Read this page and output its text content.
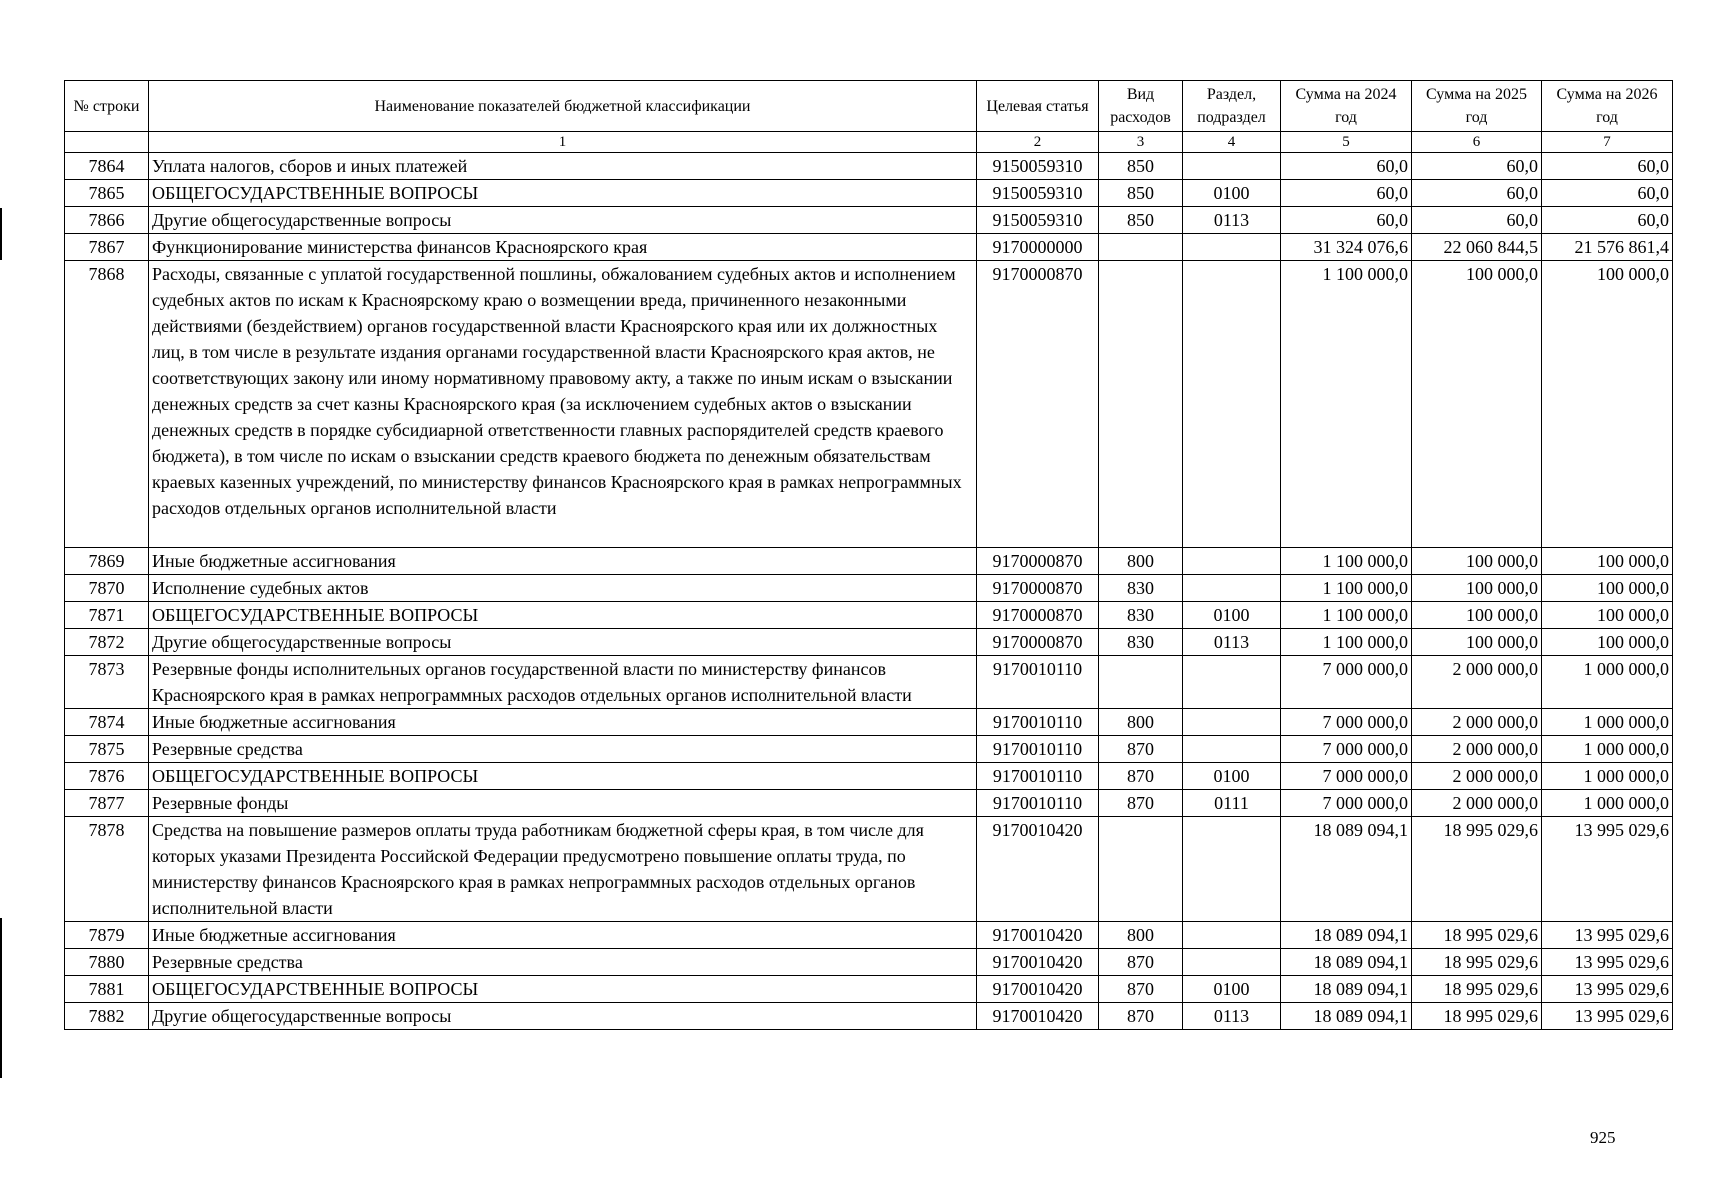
№ строки	Наименование показателей бюджетной классификации	Целевая статья	Вид расходов	Раздел, подраздел	Сумма на 2024 год	Сумма на 2025 год	Сумма на 2026 год
	1	2	3	4	5	6	7
7864	Уплата налогов, сборов и иных платежей	9150059310	850		60,0	60,0	60,0
7865	ОБЩЕГОСУДАРСТВЕННЫЕ ВОПРОСЫ	9150059310	850	0100	60,0	60,0	60,0
7866	Другие общегосударственные вопросы	9150059310	850	0113	60,0	60,0	60,0
7867	Функционирование министерства финансов Красноярского края	9170000000			31 324 076,6	22 060 844,5	21 576 861,4
7868	Расходы, связанные с уплатой государственной пошлины, обжалованием судебных актов и исполнением судебных актов по искам к Красноярскому краю о возмещении вреда, причиненного незаконными действиями (бездействием) органов государственной власти Красноярского края или их должностных лиц, в том числе в результате издания органами государственной власти Красноярского края актов, не соответствующих закону или иному нормативному правовому акту, а также по иным искам о взыскании денежных средств за счет казны Красноярского края (за исключением судебных актов о взыскании денежных средств в порядке субсидиарной ответственности главных распорядителей средств краевого бюджета), в том числе по искам о взыскании средств краевого бюджета по денежным обязательствам краевых казенных учреждений, по министерству финансов Красноярского края в рамках непрограммных расходов отдельных органов исполнительной власти	9170000870			1 100 000,0	100 000,0	100 000,0
7869	Иные бюджетные ассигнования	9170000870	800		1 100 000,0	100 000,0	100 000,0
7870	Исполнение судебных актов	9170000870	830		1 100 000,0	100 000,0	100 000,0
7871	ОБЩЕГОСУДАРСТВЕННЫЕ ВОПРОСЫ	9170000870	830	0100	1 100 000,0	100 000,0	100 000,0
7872	Другие общегосударственные вопросы	9170000870	830	0113	1 100 000,0	100 000,0	100 000,0
7873	Резервные фонды исполнительных органов государственной власти по министерству финансов Красноярского края в рамках непрограммных расходов отдельных органов исполнительной власти	9170010110			7 000 000,0	2 000 000,0	1 000 000,0
7874	Иные бюджетные ассигнования	9170010110	800		7 000 000,0	2 000 000,0	1 000 000,0
7875	Резервные средства	9170010110	870		7 000 000,0	2 000 000,0	1 000 000,0
7876	ОБЩЕГОСУДАРСТВЕННЫЕ ВОПРОСЫ	9170010110	870	0100	7 000 000,0	2 000 000,0	1 000 000,0
7877	Резервные фонды	9170010110	870	0111	7 000 000,0	2 000 000,0	1 000 000,0
7878	Средства на повышение размеров оплаты труда работникам бюджетной сферы края, в том числе для которых указами Президента Российской Федерации предусмотрено повышение оплаты труда, по министерству финансов Красноярского края в рамках непрограммных расходов отдельных органов исполнительной власти	9170010420			18 089 094,1	18 995 029,6	13 995 029,6
7879	Иные бюджетные ассигнования	9170010420	800		18 089 094,1	18 995 029,6	13 995 029,6
7880	Резервные средства	9170010420	870		18 089 094,1	18 995 029,6	13 995 029,6
7881	ОБЩЕГОСУДАРСТВЕННЫЕ ВОПРОСЫ	9170010420	870	0100	18 089 094,1	18 995 029,6	13 995 029,6
7882	Другие общегосударственные вопросы	9170010420	870	0113	18 089 094,1	18 995 029,6	13 995 029,6
925
